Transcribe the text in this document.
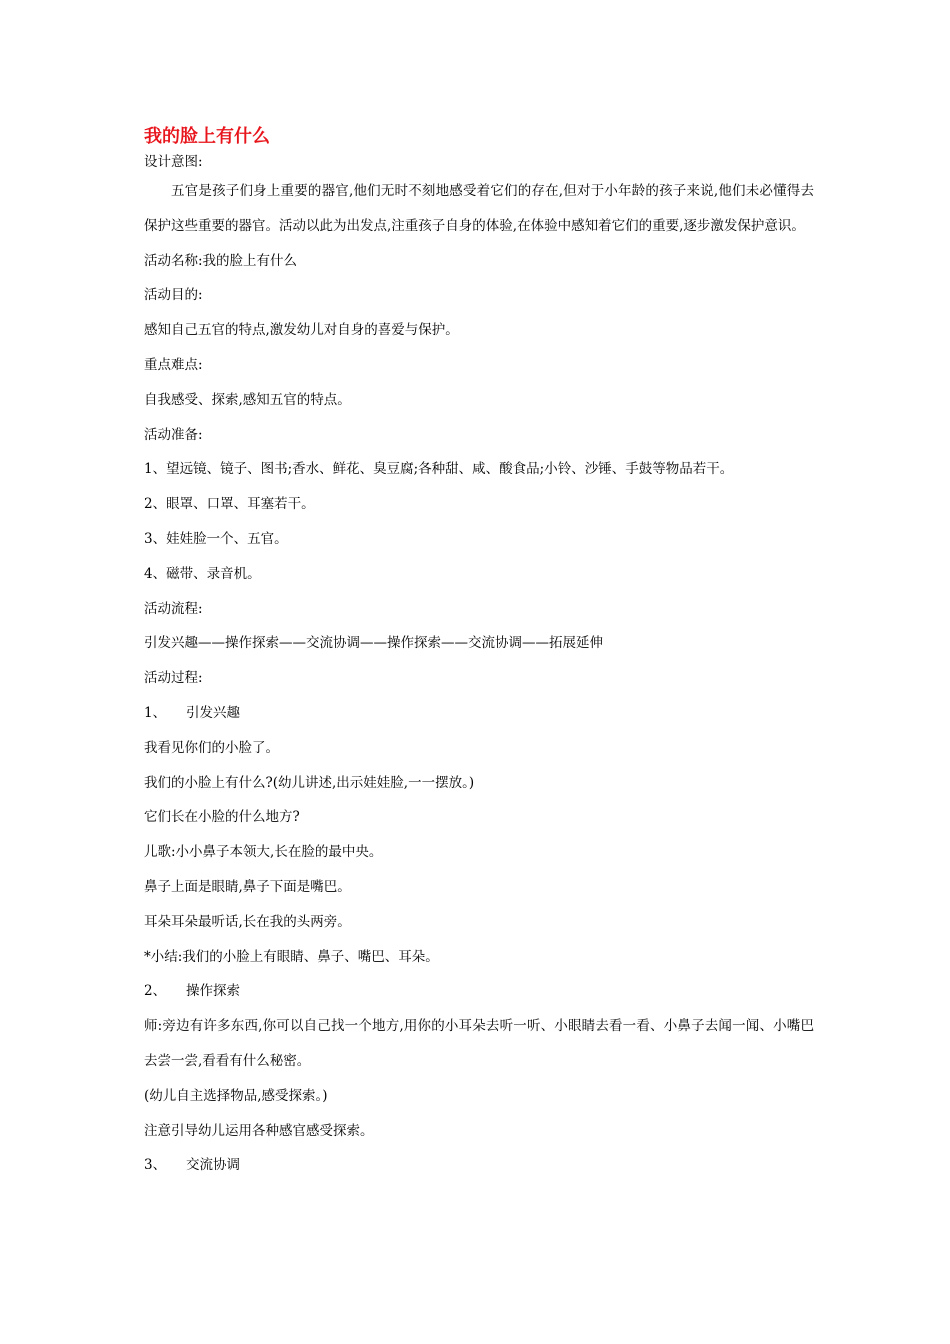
我的脸上有什么

设计意图:

五官是孩子们身上重要的器官,他们无时不刻地感受着它们的存在,但对于小年龄的孩子来说,他们未必懂得去保护这些重要的器官。活动以此为出发点,注重孩子自身的体验,在体验中感知着它们的重要,逐步激发保护意识。

活动名称:我的脸上有什么

活动目的:

感知自己五官的特点,激发幼儿对自身的喜爱与保护。

重点难点:

自我感受、探索,感知五官的特点。

活动准备:

1、望远镜、镜子、图书;香水、鲜花、臭豆腐;各种甜、咸、酸食品;小铃、沙锤、手鼓等物品若干。

2、眼罩、口罩、耳塞若干。

3、娃娃脸一个、五官。

4、磁带、录音机。

活动流程:

引发兴趣——操作探索——交流协调——操作探索——交流协调——拓展延伸

活动过程:

1、 引发兴趣

我看见你们的小脸了。

我们的小脸上有什么?(幼儿讲述,出示娃娃脸,一一摆放。)

它们长在小脸的什么地方?

儿歌:小小鼻子本领大,长在脸的最中央。

鼻子上面是眼睛,鼻子下面是嘴巴。

耳朵耳朵最听话,长在我的头两旁。

*小结:我们的小脸上有眼睛、鼻子、嘴巴、耳朵。

2、 操作探索

师:旁边有许多东西,你可以自己找一个地方,用你的小耳朵去听一听、小眼睛去看一看、小鼻子去闻一闻、小嘴巴去尝一尝,看看有什么秘密。

(幼儿自主选择物品,感受探索。)

注意引导幼儿运用各种感官感受探索。

3、 交流协调
